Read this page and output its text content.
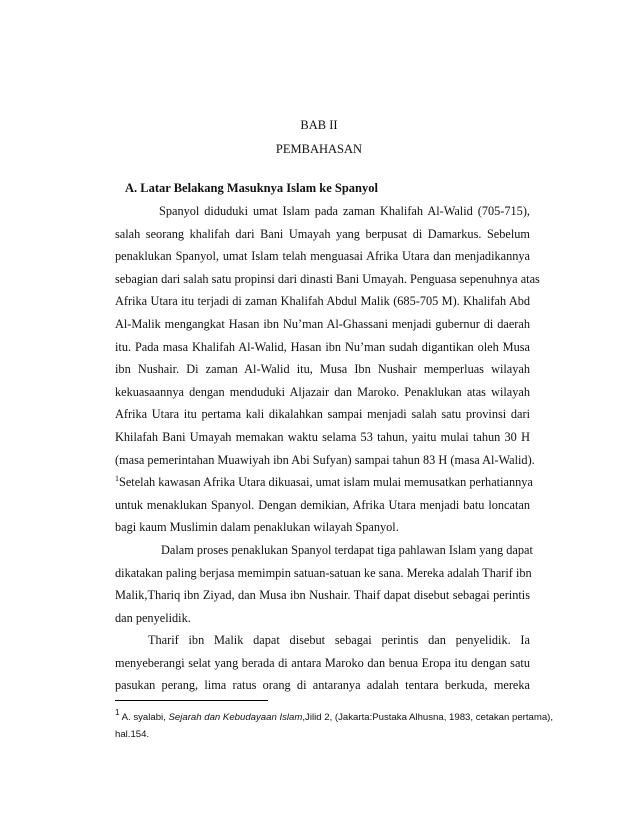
BAB II
PEMBAHASAN
A. Latar Belakang Masuknya Islam ke Spanyol
Spanyol diduduki umat Islam pada zaman Khalifah Al-Walid (705-715),
salah seorang khalifah dari Bani Umayah yang berpusat di Damarkus. Sebelum
penaklukan Spanyol, umat Islam telah menguasai Afrika Utara dan menjadikannya
sebagian dari salah satu propinsi dari dinasti Bani Umayah. Penguasa sepenuhnya atas
Afrika Utara itu terjadi di zaman Khalifah Abdul Malik (685-705 M). Khalifah Abd
Al-Malik mengangkat Hasan ibn Nu’man Al-Ghassani menjadi gubernur di daerah
itu. Pada masa Khalifah Al-Walid, Hasan ibn Nu’man sudah digantikan oleh Musa
ibn Nushair. Di zaman Al-Walid itu, Musa Ibn Nushair memperluas wilayah
kekuasaannya dengan menduduki Aljazair dan Maroko. Penaklukan atas wilayah
Afrika Utara itu pertama kali dikalahkan sampai menjadi salah satu provinsi dari
Khilafah Bani Umayah memakan waktu selama 53 tahun, yaitu mulai tahun 30 H
(masa pemerintahan Muawiyah ibn Abi Sufyan) sampai tahun 83 H (masa Al-Walid).
$^1$Setelah kawasan Afrika Utara dikuasai, umat islam mulai memusatkan perhatiannya
untuk menaklukan Spanyol. Dengan demikian, Afrika Utara menjadi batu loncatan
bagi kaum Muslimin dalam penaklukan wilayah Spanyol.
Dalam proses penaklukan Spanyol terdapat tiga pahlawan Islam yang dapat
dikatakan paling berjasa memimpin satuan-satuan ke sana. Mereka adalah Tharif ibn
Malik,Thariq ibn Ziyad, dan Musa ibn Nushair. Thaif dapat disebut sebagai perintis
dan penyelidik.
Tharif ibn Malik dapat disebut sebagai perintis dan penyelidik. Ia
menyeberangi selat yang berada di antara Maroko dan benua Eropa itu dengan satu
pasukan perang, lima ratus orang di antaranya adalah tentara berkuda, mereka
$^1$ A. syalabi, Sejarah dan Kebudayaan Islam,Jilid 2, (Jakarta:Pustaka Alhusna, 1983, cetakan pertama),
hal.154.
